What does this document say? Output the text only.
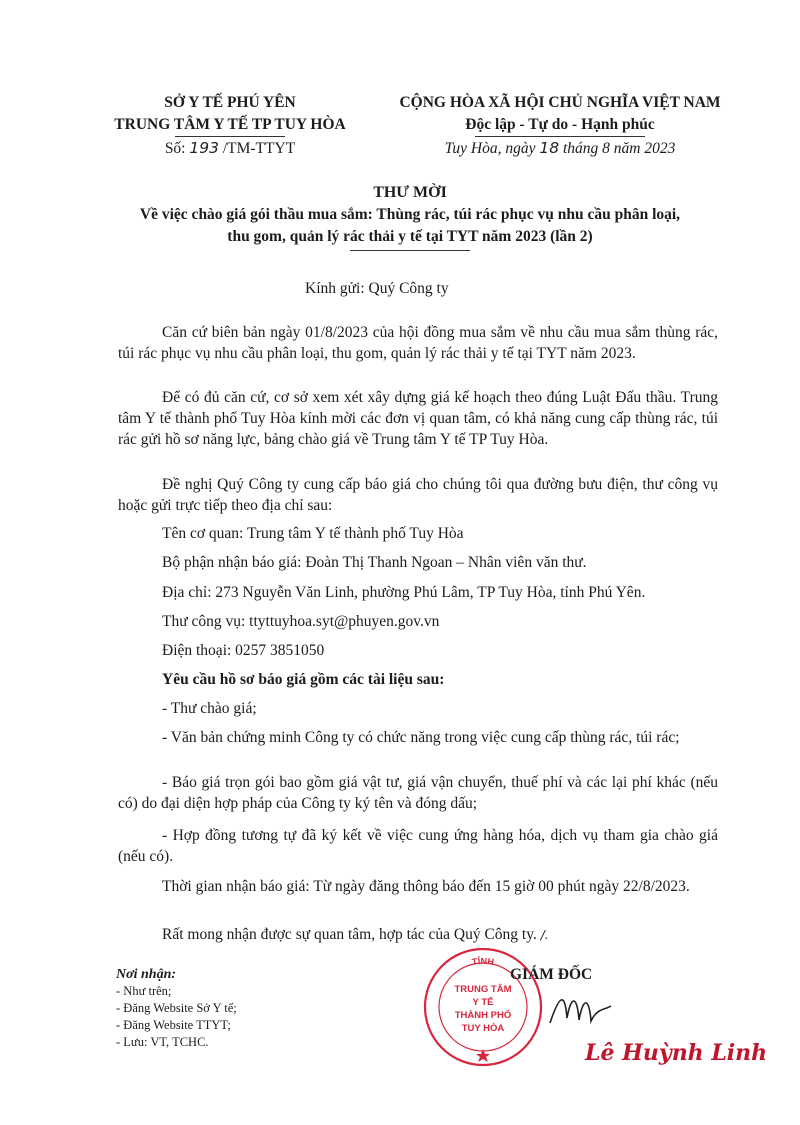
SỞ Y TẾ PHÚ YÊN
TRUNG TÂM Y TẾ TP TUY HÒA
Số: 193 /TM-TTYT
CỘNG HÒA XÃ HỘI CHỦ NGHĨA VIỆT NAM
Độc lập - Tự do - Hạnh phúc
Tuy Hòa, ngày 18 tháng 8 năm 2023
THƯ MỜI
Về việc chào giá gói thầu mua sắm: Thùng rác, túi rác phục vụ nhu cầu phân loại,
thu gom, quản lý rác thải y tế tại TYT năm 2023 (lần 2)
Kính gửi: Quý Công ty
Căn cứ biên bản ngày 01/8/2023 của hội đồng mua sắm về nhu cầu mua sắm thùng rác, túi rác phục vụ nhu cầu phân loại, thu gom, quản lý rác thải y tế tại TYT năm 2023.
Để có đủ căn cứ, cơ sở xem xét xây dựng giá kế hoạch theo đúng Luật Đấu thầu. Trung tâm Y tế thành phố Tuy Hòa kính mời các đơn vị quan tâm, có khả năng cung cấp thùng rác, túi rác gửi hồ sơ năng lực, bảng chào giá về Trung tâm Y tế TP Tuy Hòa.
Đề nghị Quý Công ty cung cấp báo giá cho chúng tôi qua đường bưu điện, thư công vụ hoặc gửi trực tiếp theo địa chỉ sau:
Tên cơ quan: Trung tâm Y tế thành phố Tuy Hòa
Bộ phận nhận báo giá: Đoàn Thị Thanh Ngoan – Nhân viên văn thư.
Địa chỉ: 273 Nguyễn Văn Linh, phường Phú Lâm, TP Tuy Hòa, tỉnh Phú Yên.
Thư công vụ: ttyttuyhoa.syt@phuyen.gov.vn
Điện thoại: 0257 3851050
Yêu cầu hồ sơ báo giá gồm các tài liệu sau:
- Thư chào giá;
- Văn bản chứng minh Công ty có chức năng trong việc cung cấp thùng rác, túi rác;
- Báo giá trọn gói bao gồm giá vật tư, giá vận chuyển, thuế phí và các lại phí khác (nếu có) do đại diện hợp pháp của Công ty ký tên và đóng dấu;
- Hợp đồng tương tự đã ký kết về việc cung ứng hàng hóa, dịch vụ tham gia chào giá (nếu có).
Thời gian nhận báo giá: Từ ngày đăng thông báo đến 15 giờ 00 phút ngày 22/8/2023.
Rất mong nhận được sự quan tâm, hợp tác của Quý Công ty. /.
Nơi nhận:
- Như trên;
- Đăng Website Sở Y tế;
- Đăng Website TTYT;
- Lưu: VT, TCHC.
TỈNH
TRUNG TÂM
Y TẾ
THÀNH PHỐ
TUY HÒA
GIÁM ĐỐC
Lê Huỳnh Linh
